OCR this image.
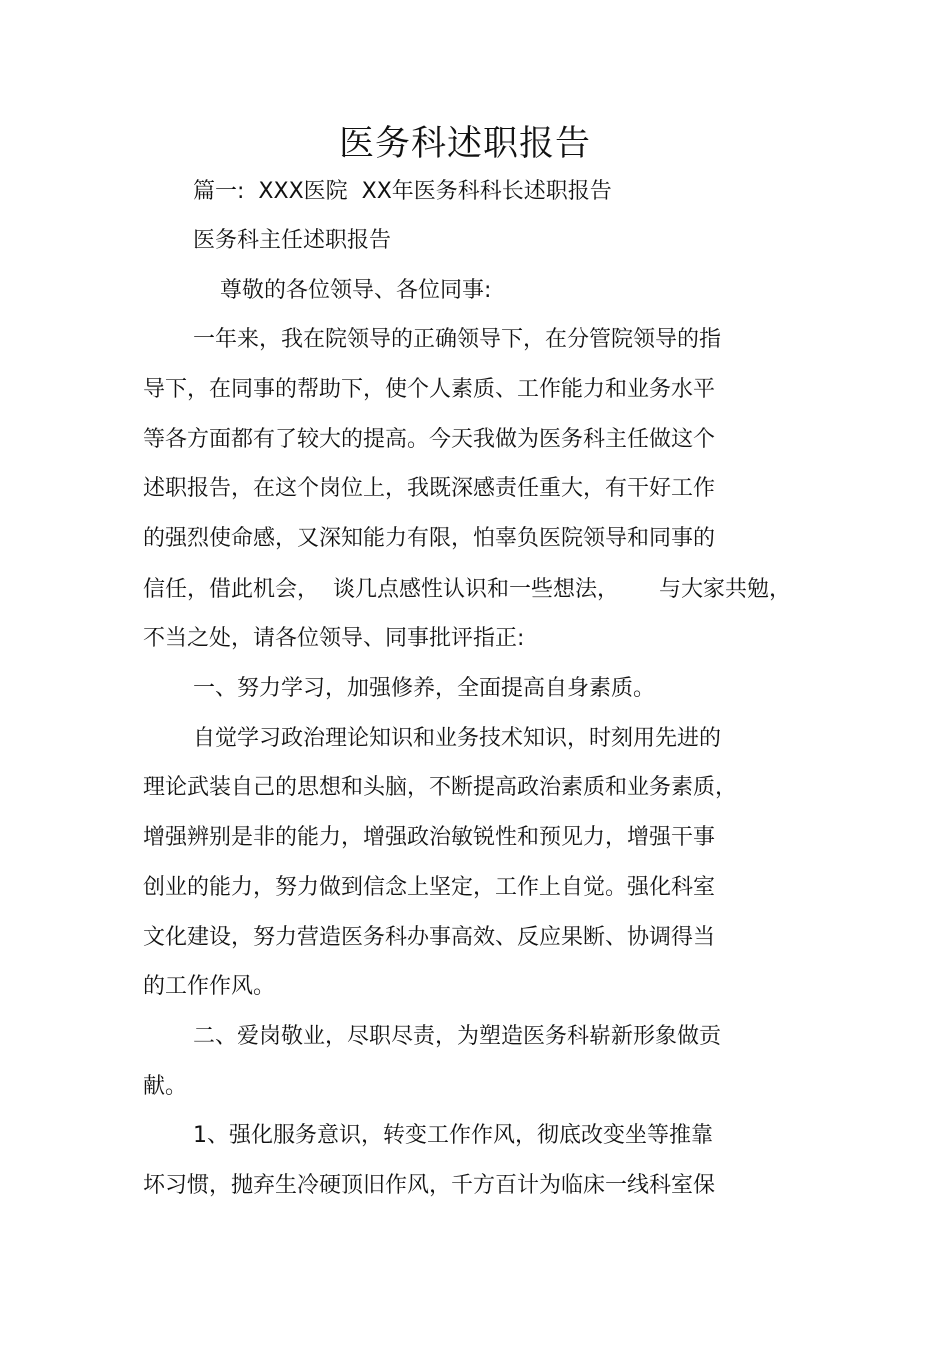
医务科述职报告
篇一: XXX医院 XX年医务科科长述职报告
医务科主任述职报告
尊敬的各位领导、各位同事:
一年来，我在院领导的正确领导下，在分管院领导的指
导下，在同事的帮助下，使个人素质、工作能力和业务水平
等各方面都有了较大的提高。今天我做为医务科主任做这个
述职报告，在这个岗位上，我既深感责任重大，有干好工作
的强烈使命感，又深知能力有限，怕辜负医院领导和同事的
信任，借此机会， 谈几点感性认识和一些想法， 与大家共勉，
不当之处，请各位领导、同事批评指正:
一、努力学习，加强修养，全面提高自身素质。
自觉学习政治理论知识和业务技术知识，时刻用先进的
理论武装自己的思想和头脑，不断提高政治素质和业务素质，
增强辨别是非的能力，增强政治敏锐性和预见力，增强干事
创业的能力，努力做到信念上坚定，工作上自觉。强化科室
文化建设，努力营造医务科办事高效、反应果断、协调得当
的工作作风。
二、爱岗敬业，尽职尽责，为塑造医务科崭新形象做贡
献。
1、强化服务意识，转变工作作风，彻底改变坐等推靠
坏习惯，抛弃生冷硬顶旧作风，千方百计为临床一线科室保
